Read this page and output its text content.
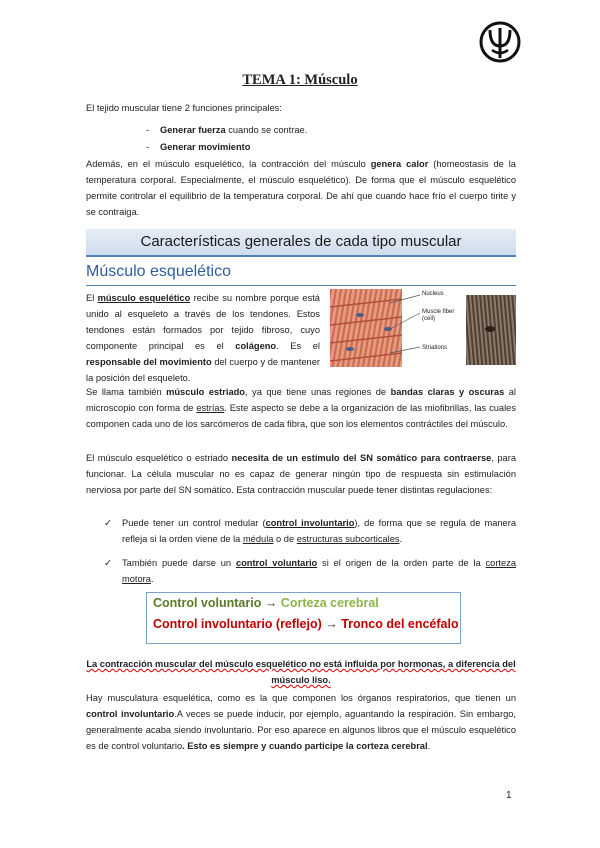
TEMA 1: Músculo
El tejido muscular tiene 2 funciones principales:
- Generar fuerza cuando se contrae.
- Generar movimiento
Además, en el músculo esquelético, la contracción del músculo genera calor (homeostasis de la temperatura corporal. Especialmente, el músculo esquelético). De forma que el músculo esquelético permite controlar el equilibrio de la temperatura corporal. De ahí que cuando hace frío el cuerpo tirite y se contraiga.
Características generales de cada tipo muscular
Músculo esquelético
El músculo esquelético recibe su nombre porque está unido al esqueleto a través de los tendones. Estos tendones están formados por tejido fibroso, cuyo componente principal es el colágeno. Es el responsable del movimiento del cuerpo y de mantener la posición del esqueleto.
Nucleus
Muscle fiber (cell)
Striations
Se llama también músculo estriado, ya que tiene unas regiones de bandas claras y oscuras al microscopio con forma de estrías. Este aspecto se debe a la organización de las miofibrillas, las cuales componen cada uno de los sarcómeros de cada fibra, que son los elementos contráctiles del músculo.
El músculo esquelético o estriado necesita de un estímulo del SN somático para contraerse, para funcionar. La célula muscular no es capaz de generar ningún tipo de respuesta sin estimulación nerviosa por parte del SN somático. Esta contracción muscular puede tener distintas regulaciones:
✓ Puede tener un control medular (control involuntario), de forma que se regula de manera refleja si la orden viene de la médula o de estructuras subcorticales.
✓ También puede darse un control voluntario si el origen de la orden parte de la corteza motora.
Control voluntario → Corteza cerebral
Control involuntario (reflejo) → Tronco del encéfalo
La contracción muscular del músculo esquelético no está influida por hormonas, a diferencia del músculo liso.
Hay musculatura esquelética, como es la que componen los órganos respiratorios, que tienen un control involuntario.A veces se puede inducir, por ejemplo, aguantando la respiración. Sin embargo, generalmente acaba siendo involuntario. Por eso aparece en algunos libros que el músculo esquelético es de control voluntario. Esto es siempre y cuando participe la corteza cerebral.
1
